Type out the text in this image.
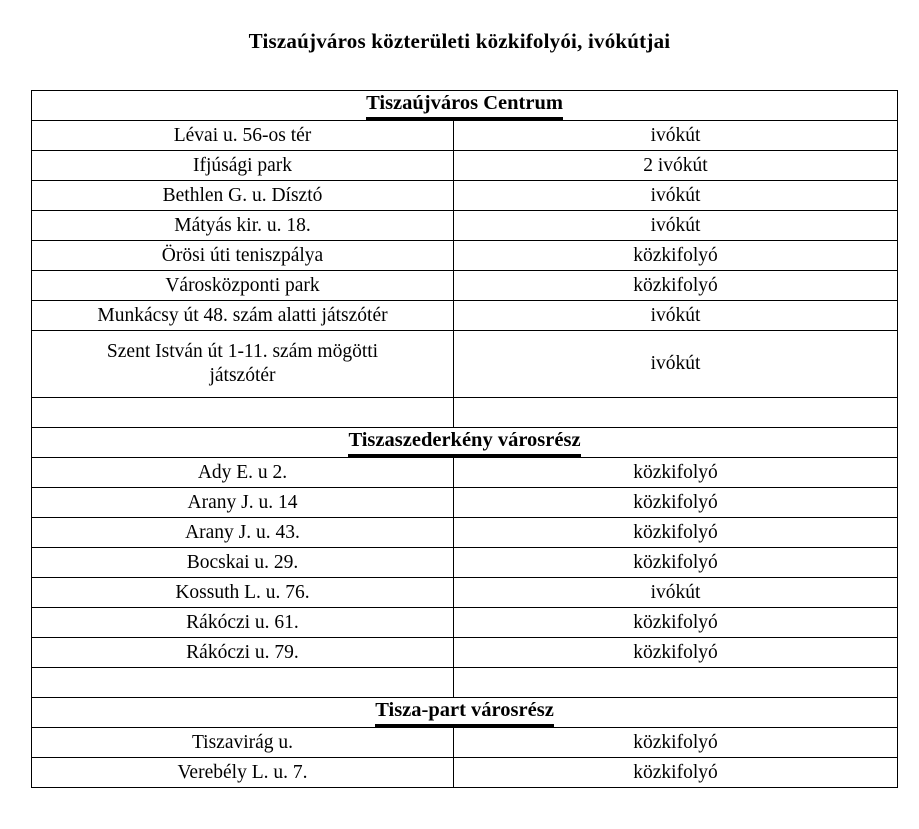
Tiszaújváros közterületi közkifolyói, ivókútjai
Tiszaújváros Centrum	
Lévai u. 56-os tér	ivókút
Ifjúsági park	2 ivókút
Bethlen G. u. Dísztó	ivókút
Mátyás kir. u. 18.	ivókút
Örösi úti teniszpálya	közkifolyó
Városközponti park	közkifolyó
Munkácsy út 48. szám alatti játszótér	ivókút

Szent István út 1-11. szám mögötti
játszótér	ivókút

Tiszaszederkény városrész	
Ady E. u 2.	közkifolyó
Arany J. u. 14	közkifolyó
Arany J. u. 43.	közkifolyó
Bocskai u. 29.	közkifolyó
Kossuth L. u. 76.	ivókút
Rákóczi u. 61.	közkifolyó
Rákóczi u. 79.	közkifolyó

Tisza-part városrész	
Tiszavirág u.	közkifolyó
Verebély L. u. 7.	közkifolyó
